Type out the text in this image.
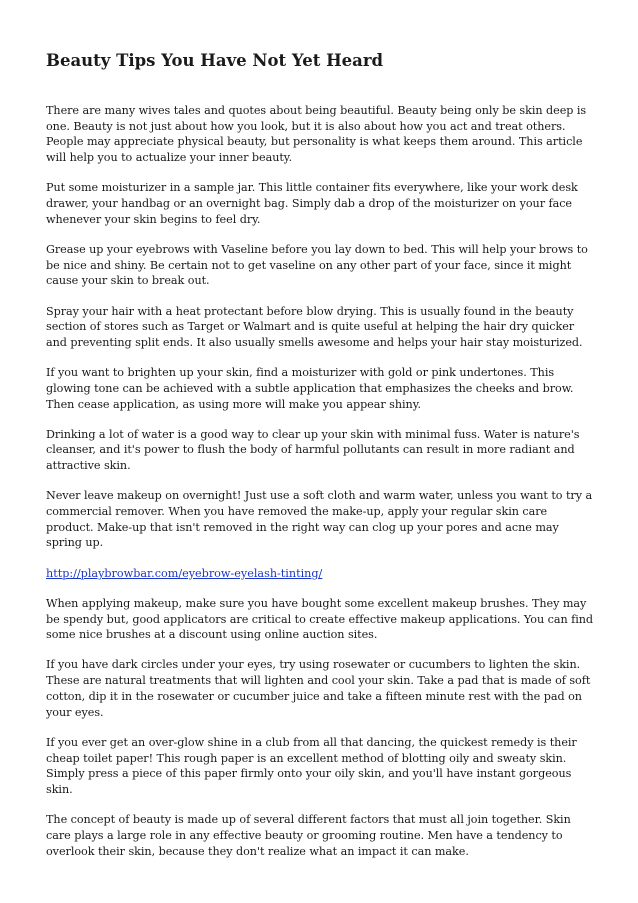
Beauty Tips You Have Not Yet Heard

There are many wives tales and quotes about being beautiful. Beauty being only be skin deep is one. Beauty is not just about how you look, but it is also about how you act and treat others. People may appreciate physical beauty, but personality is what keeps them around. This article will help you to actualize your inner beauty.

Put some moisturizer in a sample jar. This little container fits everywhere, like your work desk drawer, your handbag or an overnight bag. Simply dab a drop of the moisturizer on your face whenever your skin begins to feel dry.

Grease up your eyebrows with Vaseline before you lay down to bed. This will help your brows to be nice and shiny. Be certain not to get vaseline on any other part of your face, since it might cause your skin to break out.

Spray your hair with a heat protectant before blow drying. This is usually found in the beauty section of stores such as Target or Walmart and is quite useful at helping the hair dry quicker and preventing split ends. It also usually smells awesome and helps your hair stay moisturized.

If you want to brighten up your skin, find a moisturizer with gold or pink undertones. This glowing tone can be achieved with a subtle application that emphasizes the cheeks and brow. Then cease application, as using more will make you appear shiny.

Drinking a lot of water is a good way to clear up your skin with minimal fuss. Water is nature's cleanser, and it's power to flush the body of harmful pollutants can result in more radiant and attractive skin.

Never leave makeup on overnight! Just use a soft cloth and warm water, unless you want to try a commercial remover. When you have removed the make-up, apply your regular skin care product. Make-up that isn't removed in the right way can clog up your pores and acne may spring up.

http://playbrowbar.com/eyebrow-eyelash-tinting/

When applying makeup, make sure you have bought some excellent makeup brushes. They may be spendy but, good applicators are critical to create effective makeup applications. You can find some nice brushes at a discount using online auction sites.

If you have dark circles under your eyes, try using rosewater or cucumbers to lighten the skin. These are natural treatments that will lighten and cool your skin. Take a pad that is made of soft cotton, dip it in the rosewater or cucumber juice and take a fifteen minute rest with the pad on your eyes.

If you ever get an over-glow shine in a club from all that dancing, the quickest remedy is their cheap toilet paper! This rough paper is an excellent method of blotting oily and sweaty skin. Simply press a piece of this paper firmly onto your oily skin, and you'll have instant gorgeous skin.

The concept of beauty is made up of several different factors that must all join together. Skin care plays a large role in any effective beauty or grooming routine. Men have a tendency to overlook their skin, because they don't realize what an impact it can make.
